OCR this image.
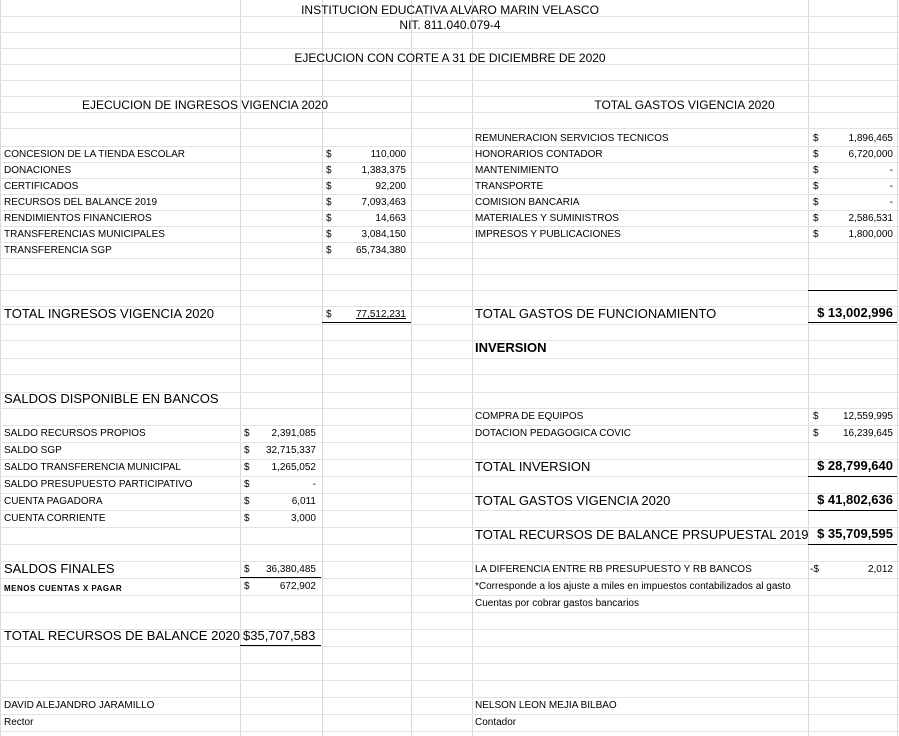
INSTITUCION EDUCATIVA ALVARO MARIN VELASCO
NIT. 811.040.079-4
EJECUCION CON CORTE A 31 DE DICIEMBRE DE 2020
EJECUCION DE INGRESOS VIGENCIA 2020
CONCESION DE LA TIENDA ESCOLAR	$	110,000
DONACIONES	$	1,383,375
CERTIFICADOS	$	92,200
RECURSOS DEL BALANCE 2019	$	7,093,463
RENDIMIENTOS FINANCIEROS	$	14,663
TRANSFERENCIAS MUNICIPALES	$	3,084,150
TRANSFERENCIA SGP	$	65,734,380
TOTAL INGRESOS VIGENCIA 2020	$	77,512,231
SALDOS DISPONIBLE EN BANCOS
SALDO RECURSOS PROPIOS	$	2,391,085
SALDO SGP	$	32,715,337
SALDO TRANSFERENCIA MUNICIPAL	$	1,265,052
SALDO PRESUPUESTO PARTICIPATIVO	$	-
CUENTA PAGADORA	$	6,011
CUENTA CORRIENTE	$	3,000
SALDOS FINALES	$	36,380,485
MENOS CUENTAS X PAGAR	$	672,902
TOTAL RECURSOS DE BALANCE 2020 $35,707,583
TOTAL GASTOS VIGENCIA 2020
REMUNERACION SERVICIOS TECNICOS	$	1,896,465
HONORARIOS CONTADOR	$	6,720,000
MANTENIMIENTO	$	-
TRANSPORTE	$	-
COMISION BANCARIA	$	-
MATERIALES Y SUMINISTROS	$	2,586,531
IMPRESOS Y PUBLICACIONES	$	1,800,000
TOTAL GASTOS DE FUNCIONAMIENTO	$ 13,002,996
INVERSION
COMPRA DE EQUIPOS	$	12,559,995
DOTACION PEDAGOGICA COVIC	$	16,239,645
TOTAL INVERSION	$ 28,799,640
TOTAL GASTOS VIGENCIA 2020	$ 41,802,636
TOTAL RECURSOS DE BALANCE PRSUPUESTAL 2019 $ 35,709,595
LA DIFERENCIA ENTRE RB PRESUPUESTO Y RB BANCOS	-$	2,012
*Corresponde a los ajuste a miles en impuestos contabilizados al gasto
Cuentas por cobrar gastos bancarios
DAVID ALEJANDRO JARAMILLO
Rector
NELSON LEON MEJIA BILBAO
Contador
